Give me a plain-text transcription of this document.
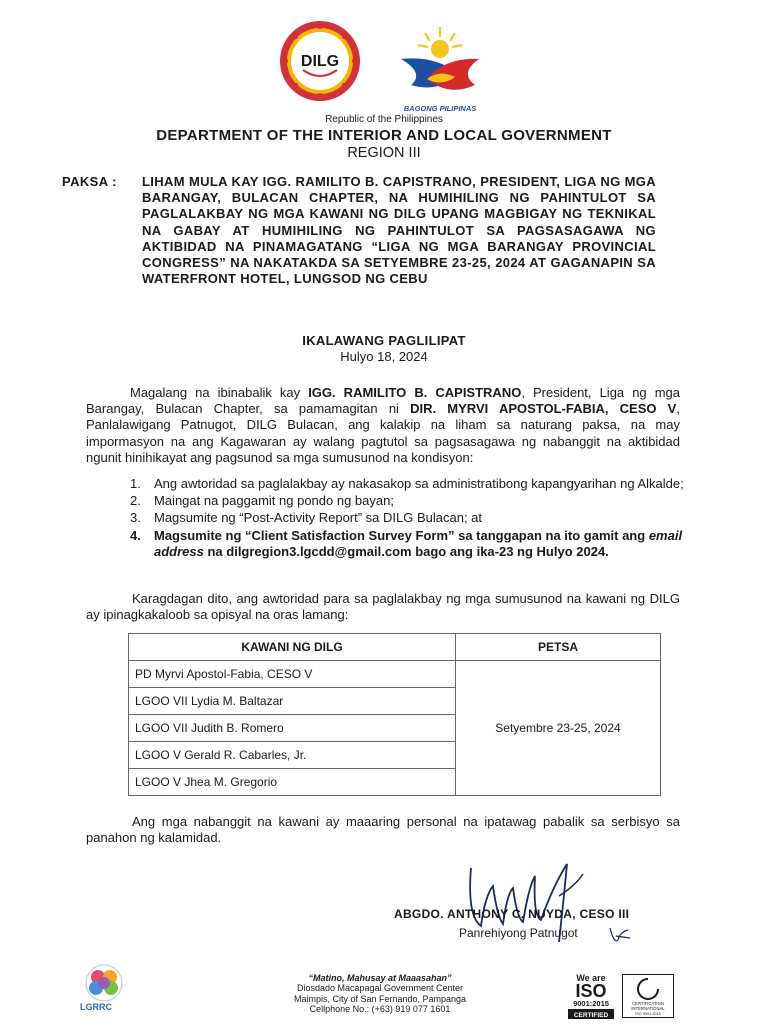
DILG
BAGONG PILIPINAS
Republic of the Philippines
DEPARTMENT OF THE INTERIOR AND LOCAL GOVERNMENT
REGION III
PAKSA : LIHAM MULA KAY IGG. RAMILITO B. CAPISTRANO, PRESIDENT, LIGA NG MGA BARANGAY, BULACAN CHAPTER, NA HUMIHILING NG PAHINTULOT SA PAGLALAKBAY NG MGA KAWANI NG DILG UPANG MAGBIGAY NG TEKNIKAL NA GABAY AT HUMIHILING NG PAHINTULOT SA PAGSASAGAWA NG AKTIBIDAD NA PINAMAGATANG “LIGA NG MGA BARANGAY PROVINCIAL CONGRESS” NA NAKATAKDA SA SETYEMBRE 23-25, 2024 AT GAGANAPIN SA WATERFRONT HOTEL, LUNGSOD NG CEBU
IKALAWANG PAGLILIPAT
Hulyo 18, 2024
Magalang na ibinabalik kay IGG. RAMILITO B. CAPISTRANO, President, Liga ng mga Barangay, Bulacan Chapter, sa pamamagitan ni DIR. MYRVI APOSTOL-FABIA, CESO V, Panlalawigang Patnugot, DILG Bulacan, ang kalakip na liham sa naturang paksa, na may impormasyon na ang Kagawaran ay walang pagtutol sa pagsasagawa ng nabanggit na aktibidad ngunit hinihikayat ang pagsunod sa mga sumusunod na kondisyon:
1.	Ang awtoridad sa paglalakbay ay nakasakop sa administratibong kapangyarihan ng Alkalde;
2.	Maingat na paggamit ng pondo ng bayan;
3.	Magsumite ng “Post-Activity Report” sa DILG Bulacan; at
4.	Magsumite ng “Client Satisfaction Survey Form” sa tanggapan na ito gamit ang email address na dilgregion3.lgcdd@gmail.com bago ang ika-23 ng Hulyo 2024.
Karagdagan dito, ang awtoridad para sa paglalakbay ng mga sumusunod na kawani ng DILG ay ipinagkakaloob sa opisyal na oras lamang:
KAWANI NG DILG	PETSA
PD Myrvi Apostol-Fabia, CESO V	Setyembre 23-25, 2024
LGOO VII Lydia M. Baltazar	
LGOO VII Judith B. Romero	
LGOO V Gerald R. Cabarles, Jr.	
LGOO V Jhea M. Gregorio	
Ang mga nabanggit na kawani ay maaaring personal na ipatawag pabalik sa serbisyo sa panahon ng kalamidad.
ABGDO. ANTHONY C. NUYDA, CESO III
Panrehiyong Patnugot
LGRRC
“Matino, Mahusay at Maaasahan”
Diosdado Macapagal Government Center
Maimpis, City of San Fernando, Pampanga
Cellphone No.: (+63) 919 077 1601
We are
ISO
9001:2015
CERTIFIED
CERTIFICATION
INTERNATIONAL
ISO 9001:2015
